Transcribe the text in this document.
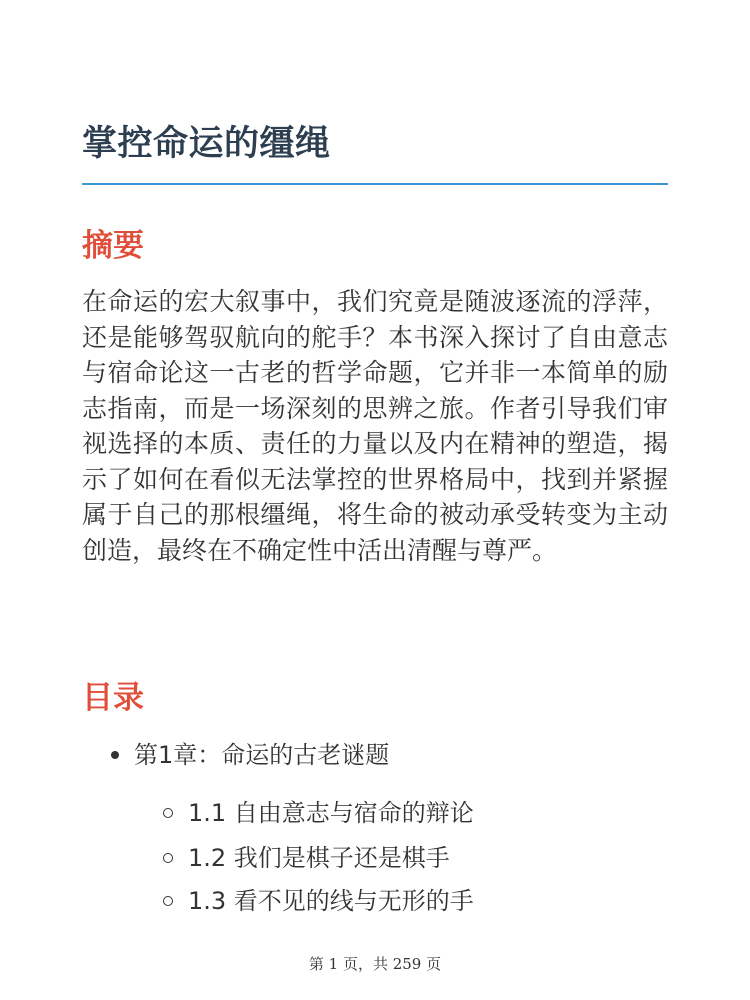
掌控命运的缰绳
摘要

在命运的宏大叙事中，我们究竟是随波逐流的浮萍，还是能够驾驭航向的舵手？本书深入探讨了自由意志与宿命论这一古老的哲学命题，它并非一本简单的励志指南，而是一场深刻的思辨之旅。作者引导我们审视选择的本质、责任的力量以及内在精神的塑造，揭示了如何在看似无法掌控的世界格局中，找到并紧握属于自己的那根缰绳，将生命的被动承受转变为主动创造，最终在不确定性中活出清醒与尊严。

目录
第1章：命运的古老谜题
1.1 自由意志与宿命的辩论
1.2 我们是棋子还是棋手
1.3 看不见的线与无形的手
第 1 页，共 259 页
